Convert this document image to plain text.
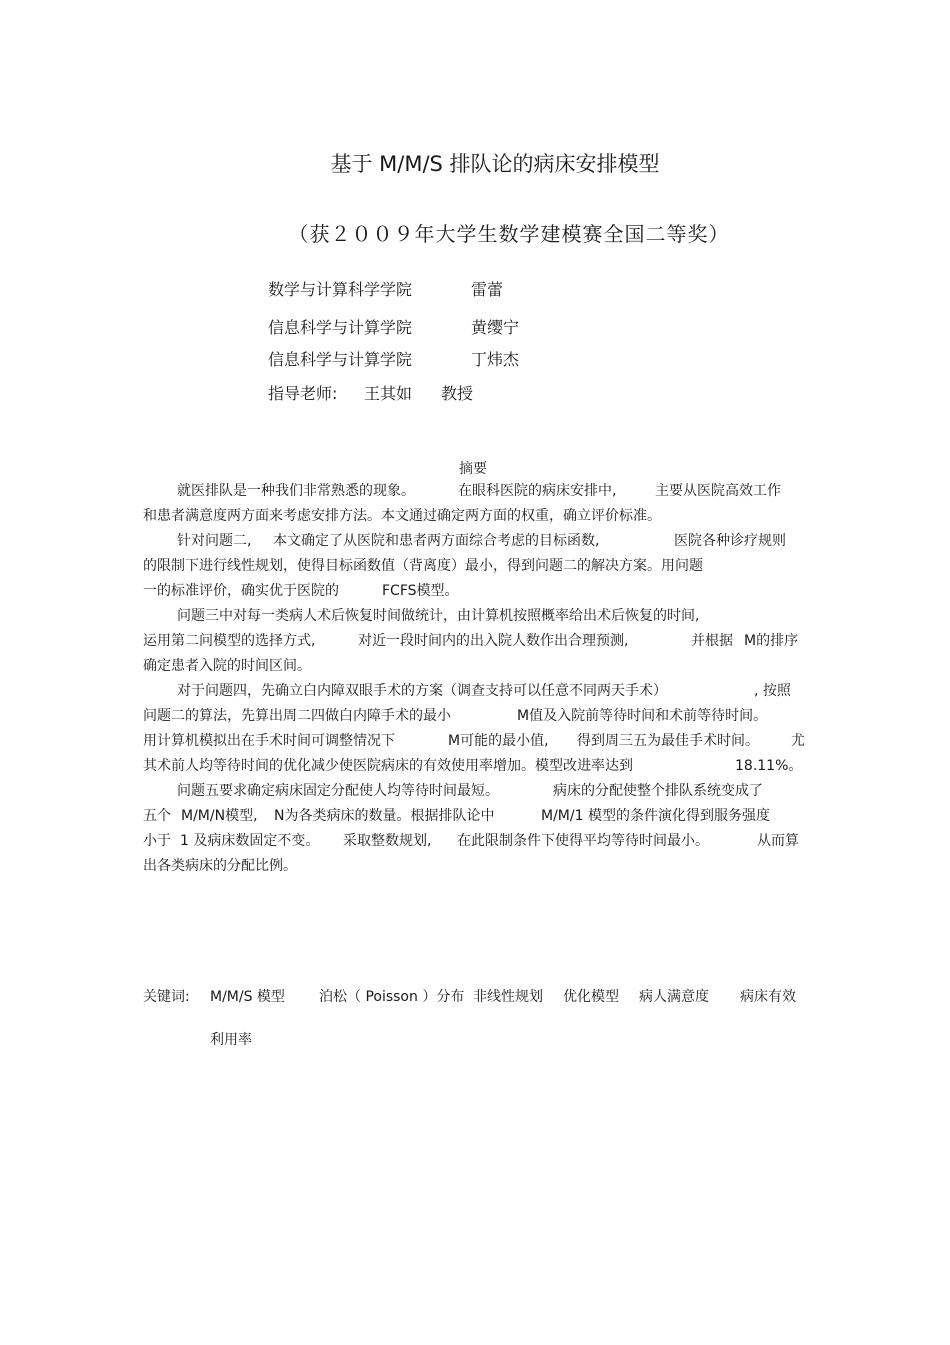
基于 M/M/S 排队论的病床安排模型
（获２００９年大学生数学建模赛全国二等奖）
数学与计算科学学院	雷蕾
信息科学与计算学院	黄缨宁
信息科学与计算学院	丁炜杰
指导老师: 王其如 教授
摘要
就医排队是一种我们非常熟悉的现象。	在眼科医院的病床安排中,	主要从医院高效工作
和患者满意度两方面来考虑安排方法。本文通过确定两方面的权重，确立评价标准。
针对问题二, 本文确定了从医院和患者两方面综合考虑的目标函数,	医院各种诊疗规则
的限制下进行线性规划，使得目标函数值（背离度）最小，得到问题二的解决方案。用问题
一的标准评价，确实优于医院的	FCFS模型。
问题三中对每一类病人术后恢复时间做统计，由计算机按照概率给出术后恢复的时间,
运用第二问模型的选择方式,	对近一段时间内的出入院人数作出合理预测,	并根据 M的排序
确定患者入院的时间区间。
对于问题四，先确立白内障双眼手术的方案（调查支持可以任意不同两天手术）	, 按照
问题二的算法，先算出周二四做白内障手术的最小	M值及入院前等待时间和术前等待时间。
用计算机模拟出在手术时间可调整情况下	M可能的最小值, 得到周三五为最佳手术时间。 尤
其术前人均等待时间的优化减少使医院病床的有效使用率增加。模型改进率达到	18.11%。
问题五要求确定病床固定分配使人均等待时间最短。	病床的分配使整个排队系统变成了
五个 M/M/N模型, N为各类病床的数量。根据排队论中	M/M/1 模型的条件演化得到服务强度
小于 1 及病床数固定不变。 采取整数规划, 在此限制条件下使得平均等待时间最小。	从而算
出各类病床的分配比例。
关键词: M/M/S 模型 泊松（ Poisson ）分布 非线性规划 优化模型 病人满意度 病床有效
利用率
